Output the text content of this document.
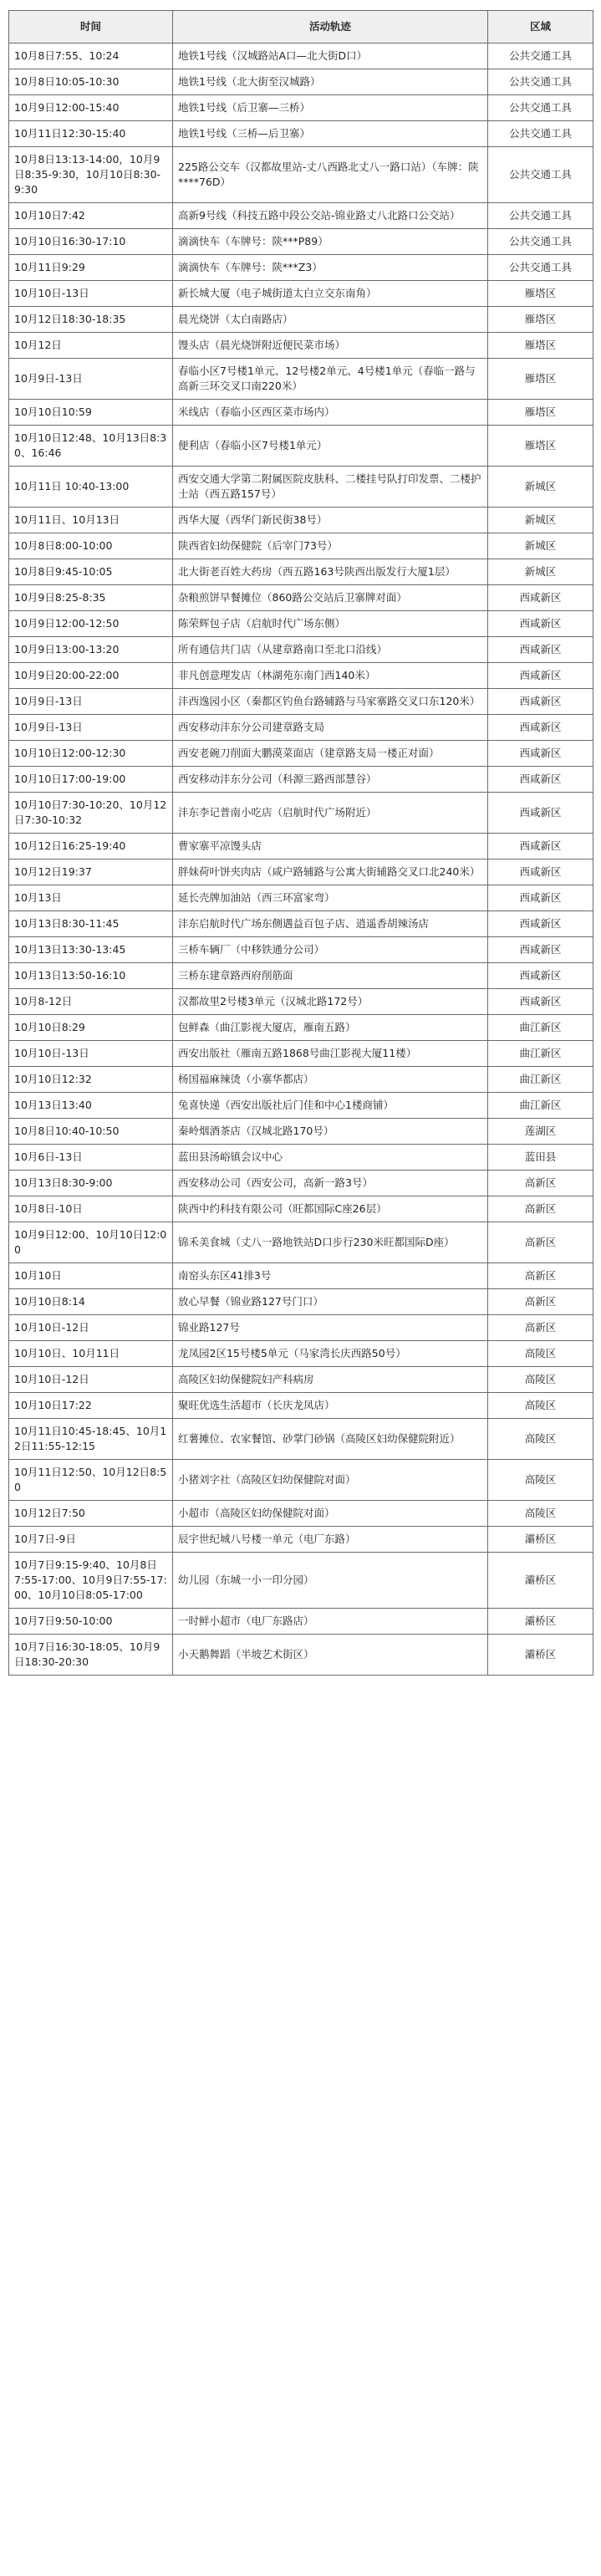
时间	活动轨迹	区域
10月8日7:55、10:24	地铁1号线（汉城路站A口—北大街D口）	公共交通工具
10月8日10:05-10:30	地铁1号线（北大街至汉城路）	公共交通工具
10月9日12:00-15:40	地铁1号线（后卫寨—三桥）	公共交通工具
10月11日12:30-15:40	地铁1号线（三桥—后卫寨）	公共交通工具
10月8日13:13-14:00，10月9日8:35-9:30，10月10日8:30-9:30	225路公交车（汉都故里站-丈八西路北丈八一路口站）（车牌：陕****76D）	公共交通工具
10月10日7:42	高新9号线（科技五路中段公交站-锦业路丈八北路口公交站）	公共交通工具
10月10日16:30-17:10	滴滴快车（车牌号：陕***P89）	公共交通工具
10月11日9:29	滴滴快车（车牌号：陕***Z3）	公共交通工具
10月10日-13日	新长城大厦（电子城街道太白立交东南角）	雁塔区
10月12日18:30-18:35	晨光烧饼（太白南路店）	雁塔区
10月12日	馒头店（晨光烧饼附近便民菜市场）	雁塔区
10月9日-13日	春临小区7号楼1单元、12号楼2单元、4号楼1单元（春临一路与高新三环交叉口南220米）	雁塔区
10月10日10:59	米线店（春临小区西区菜市场内）	雁塔区
10月10日12:48、10月13日8:30、16:46	便利店（春临小区7号楼1单元）	雁塔区
10月11日 10:40-13:00	西安交通大学第二附属医院皮肤科、二楼挂号队打印发票、二楼护士站（西五路157号）	新城区
10月11日、10月13日	西华大厦（西华门新民街38号）	新城区
10月8日8:00-10:00	陕西省妇幼保健院（后宰门73号）	新城区
10月8日9:45-10:05	北大街老百姓大药房（西五路163号陕西出版发行大厦1层）	新城区
10月9日8:25-8:35	杂粮煎饼早餐摊位（860路公交站后卫寨牌对面）	西咸新区
10月9日12:00-12:50	陈荣辉包子店（启航时代广场东侧）	西咸新区
10月9日13:00-13:20	所有通信共门店（从建章路南口至北口沿线）	西咸新区
10月9日20:00-22:00	非凡创意理发店（林湖苑东南门西140米）	西咸新区
10月9日-13日	沣西逸园小区（秦都区钓鱼台路辅路与马家寨路交叉口东120米）	西咸新区
10月9日-13日	西安移动沣东分公司建章路支局	西咸新区
10月10日12:00-12:30	西安老碗刀削面大鹏漠菜面店（建章路支局一楼正对面）	西咸新区
10月10日17:00-19:00	西安移动沣东分公司（科源三路西部慧谷）	西咸新区
10月10日7:30-10:20、10月12日7:30-10:32	沣东李记普南小吃店（启航时代广场附近）	西咸新区
10月12日16:25-19:40	曹家寨平凉馒头店	西咸新区
10月12日19:37	胖妹荷叶饼夹肉店（咸户路辅路与公寓大街辅路交叉口北240米）	西咸新区
10月13日	延长壳牌加油站（西三环富家弯）	西咸新区
10月13日8:30-11:45	沣东启航时代广场东侧遇益百包子店、逍遥香胡辣汤店	西咸新区
10月13日13:30-13:45	三桥车辆厂（中移铁通分公司）	西咸新区
10月13日13:50-16:10	三桥东建章路西府削筋面	西咸新区
10月8-12日	汉都故里2号楼3单元（汉城北路172号）	西咸新区
10月10日8:29	包鲜森（曲江影视大厦店，雁南五路）	曲江新区
10月10日-13日	西安出版社（雁南五路1868号曲江影视大厦11楼）	曲江新区
10月10日12:32	杨国福麻辣烫（小寨华都店）	曲江新区
10月13日13:40	兔喜快递（西安出版社后门佳和中心1楼商铺）	曲江新区
10月8日10:40-10:50	秦岭烟酒茶店（汉城北路170号）	莲湖区
10月6日-13日	蓝田县汤峪镇会议中心	蓝田县
10月13日8:30-9:00	西安移动公司（西安公司，高新一路3号）	高新区
10月8日-10日	陕西中约科技有限公司（旺都国际C座26层）	高新区
10月9日12:00、10月10日12:00	锦禾美食城（丈八一路地铁站D口步行230米旺都国际D座）	高新区
10月10日	南窑头东区41排3号	高新区
10月10日8:14	放心早餐（锦业路127号门口）	高新区
10月10日-12日	锦业路127号	高新区
10月10日、10月11日	龙凤园2区15号楼5单元（马家湾长庆西路50号）	高陵区
10月10日-12日	高陵区妇幼保健院妇产科病房	高陵区
10月10日17:22	聚旺优选生活超市（长庆龙凤店）	高陵区
10月11日10:45-18:45、10月12日11:55-12:15	红薯摊位、农家餐馆、砂掌门砂锅（高陵区妇幼保健院附近）	高陵区
10月11日12:50、10月12日8:50	小猪刘字社（高陵区妇幼保健院对面）	高陵区
10月12日7:50	小超市（高陵区妇幼保健院对面）	高陵区
10月7日-9日	辰宇世纪城八号楼一单元（电厂东路）	灞桥区
10月7日9:15-9:40、10月8日7:55-17:00、10月9日7:55-17:00、10月10日8:05-17:00	幼儿园（东城一小一印分园）	灞桥区
10月7日9:50-10:00	一时鲜小超市（电厂东路店）	灞桥区
10月7日16:30-18:05、10月9日18:30-20:30	小天鹅舞蹈（半坡艺术街区）	灞桥区
